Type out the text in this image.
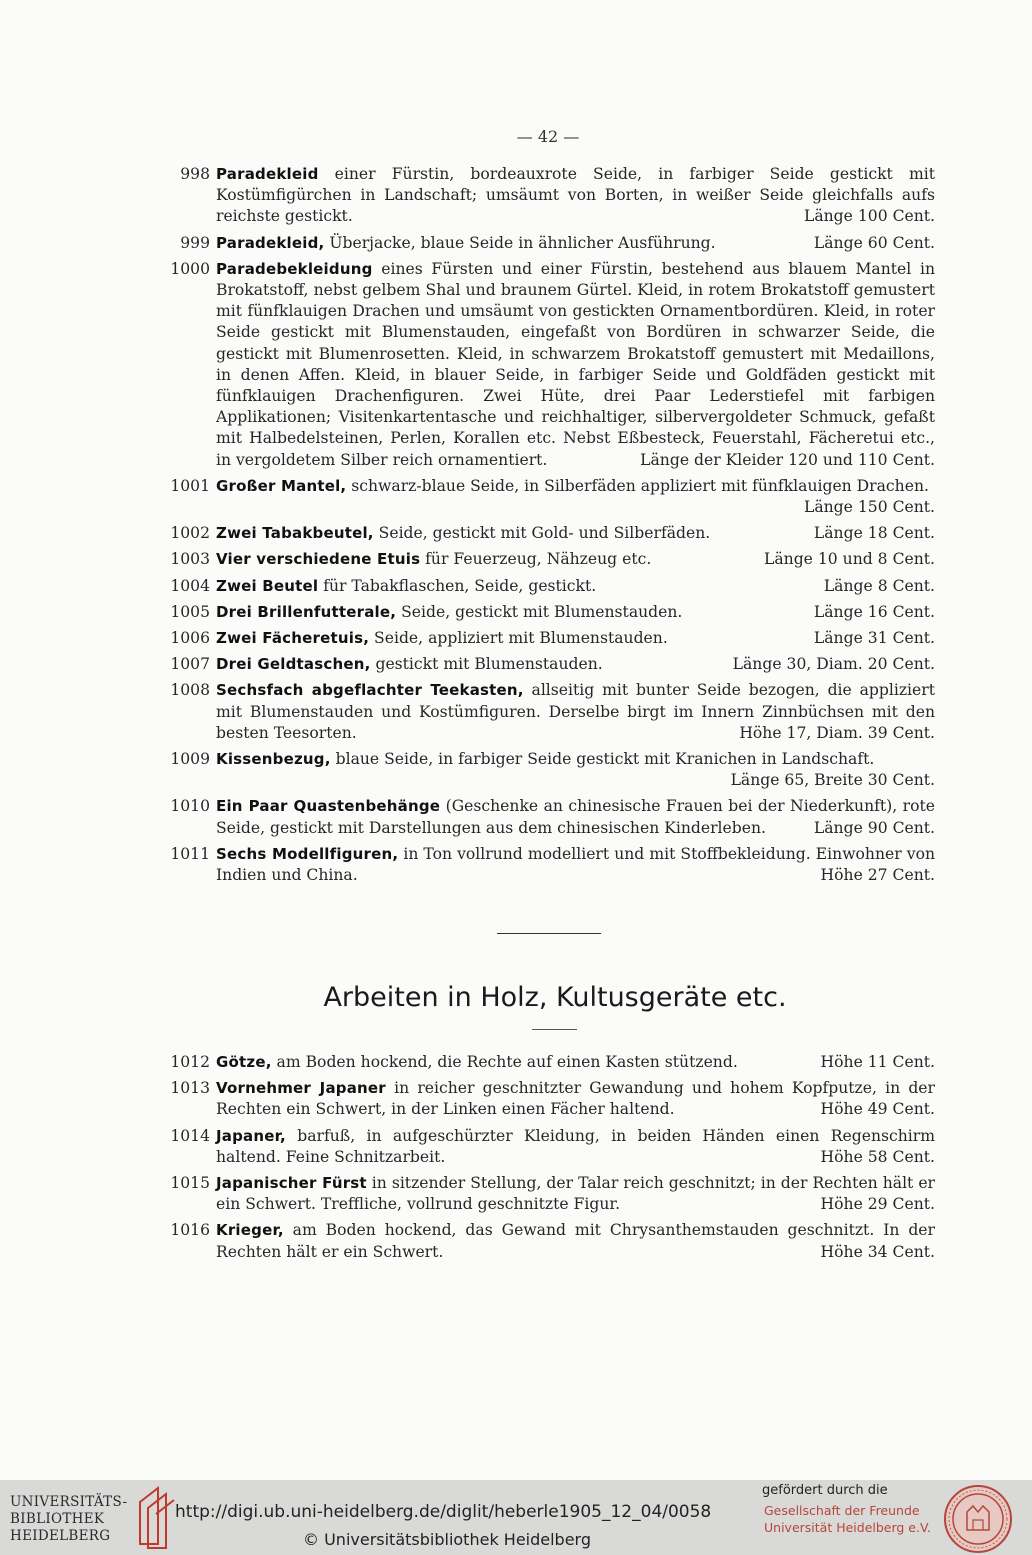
— 42 —
998 Paradekleid einer Fürstin, bordeauxrote Seide, in farbiger Seide gestickt mit Kostümfigürchen in Landschaft; umsäumt von Borten, in weißer Seide gleichfalls aufs reichste gestickt.	Länge 100 Cent.
999 Paradekleid, Überjacke, blaue Seide in ähnlicher Ausführung.	Länge 60 Cent.
1000 Paradebekleidung eines Fürsten und einer Fürstin, bestehend aus blauem Mantel in Brokatstoff, nebst gelbem Shal und braunem Gürtel. Kleid, in rotem Brokatstoff gemustert mit fünfklauigen Drachen und umsäumt von gestickten Ornamentbordüren. Kleid, in roter Seide gestickt mit Blumenstauden, eingefaßt von Bordüren in schwarzer Seide, die gestickt mit Blumenrosetten. Kleid, in schwarzem Brokatstoff gemustert mit Medaillons, in denen Affen. Kleid, in blauer Seide, in farbiger Seide und Goldfäden gestickt mit fünfklauigen Drachenfiguren. Zwei Hüte, drei Paar Lederstiefel mit farbigen Applikationen; Visitenkartentasche und reichhaltiger, silbervergoldeter Schmuck, gefaßt mit Halbedelsteinen, Perlen, Korallen etc. Nebst Eßbesteck, Feuerstahl, Fächeretui etc., in vergoldetem Silber reich ornamentiert.	Länge der Kleider 120 und 110 Cent.
1001 Großer Mantel, schwarz-blaue Seide, in Silberfäden appliziert mit fünfklauigen Drachen.
Länge 150 Cent.
1002 Zwei Tabakbeutel, Seide, gestickt mit Gold- und Silberfäden.	Länge 18 Cent.
1003 Vier verschiedene Etuis für Feuerzeug, Nähzeug etc.	Länge 10 und 8 Cent.
1004 Zwei Beutel für Tabakflaschen, Seide, gestickt.	Länge 8 Cent.
1005 Drei Brillenfutterale, Seide, gestickt mit Blumenstauden.	Länge 16 Cent.
1006 Zwei Fächeretuis, Seide, appliziert mit Blumenstauden.	Länge 31 Cent.
1007 Drei Geldtaschen, gestickt mit Blumenstauden.	Länge 30, Diam. 20 Cent.
1008 Sechsfach abgeflachter Teekasten, allseitig mit bunter Seide bezogen, die appliziert mit Blumenstauden und Kostümfiguren. Derselbe birgt im Innern Zinnbüchsen mit den besten Teesorten.	Höhe 17, Diam. 39 Cent.
1009 Kissenbezug, blaue Seide, in farbiger Seide gestickt mit Kranichen in Landschaft.
Länge 65, Breite 30 Cent.
1010 Ein Paar Quastenbehänge (Geschenke an chinesische Frauen bei der Niederkunft), rote Seide, gestickt mit Darstellungen aus dem chinesischen Kinderleben.	Länge 90 Cent.
1011 Sechs Modellfiguren, in Ton vollrund modelliert und mit Stoffbekleidung. Einwohner von Indien und China.	Höhe 27 Cent.
Arbeiten in Holz, Kultusgeräte etc.
1012 Götze, am Boden hockend, die Rechte auf einen Kasten stützend.	Höhe 11 Cent.
1013 Vornehmer Japaner in reicher geschnitzter Gewandung und hohem Kopfputze, in der Rechten ein Schwert, in der Linken einen Fächer haltend.	Höhe 49 Cent.
1014 Japaner, barfuß, in aufgeschürzter Kleidung, in beiden Händen einen Regenschirm haltend. Feine Schnitzarbeit.	Höhe 58 Cent.
1015 Japanischer Fürst in sitzender Stellung, der Talar reich geschnitzt; in der Rechten hält er ein Schwert. Treffliche, vollrund geschnitzte Figur.	Höhe 29 Cent.
1016 Krieger, am Boden hockend, das Gewand mit Chrysanthemstauden geschnitzt. In der Rechten hält er ein Schwert.	Höhe 34 Cent.
UNIVERSITÄTS-
BIBLIOTHEK
HEIDELBERG
http://digi.ub.uni-heidelberg.de/diglit/heberle1905_12_04/0058
© Universitätsbibliothek Heidelberg
gefördert durch die
Gesellschaft der Freunde
Universität Heidelberg e.V.
